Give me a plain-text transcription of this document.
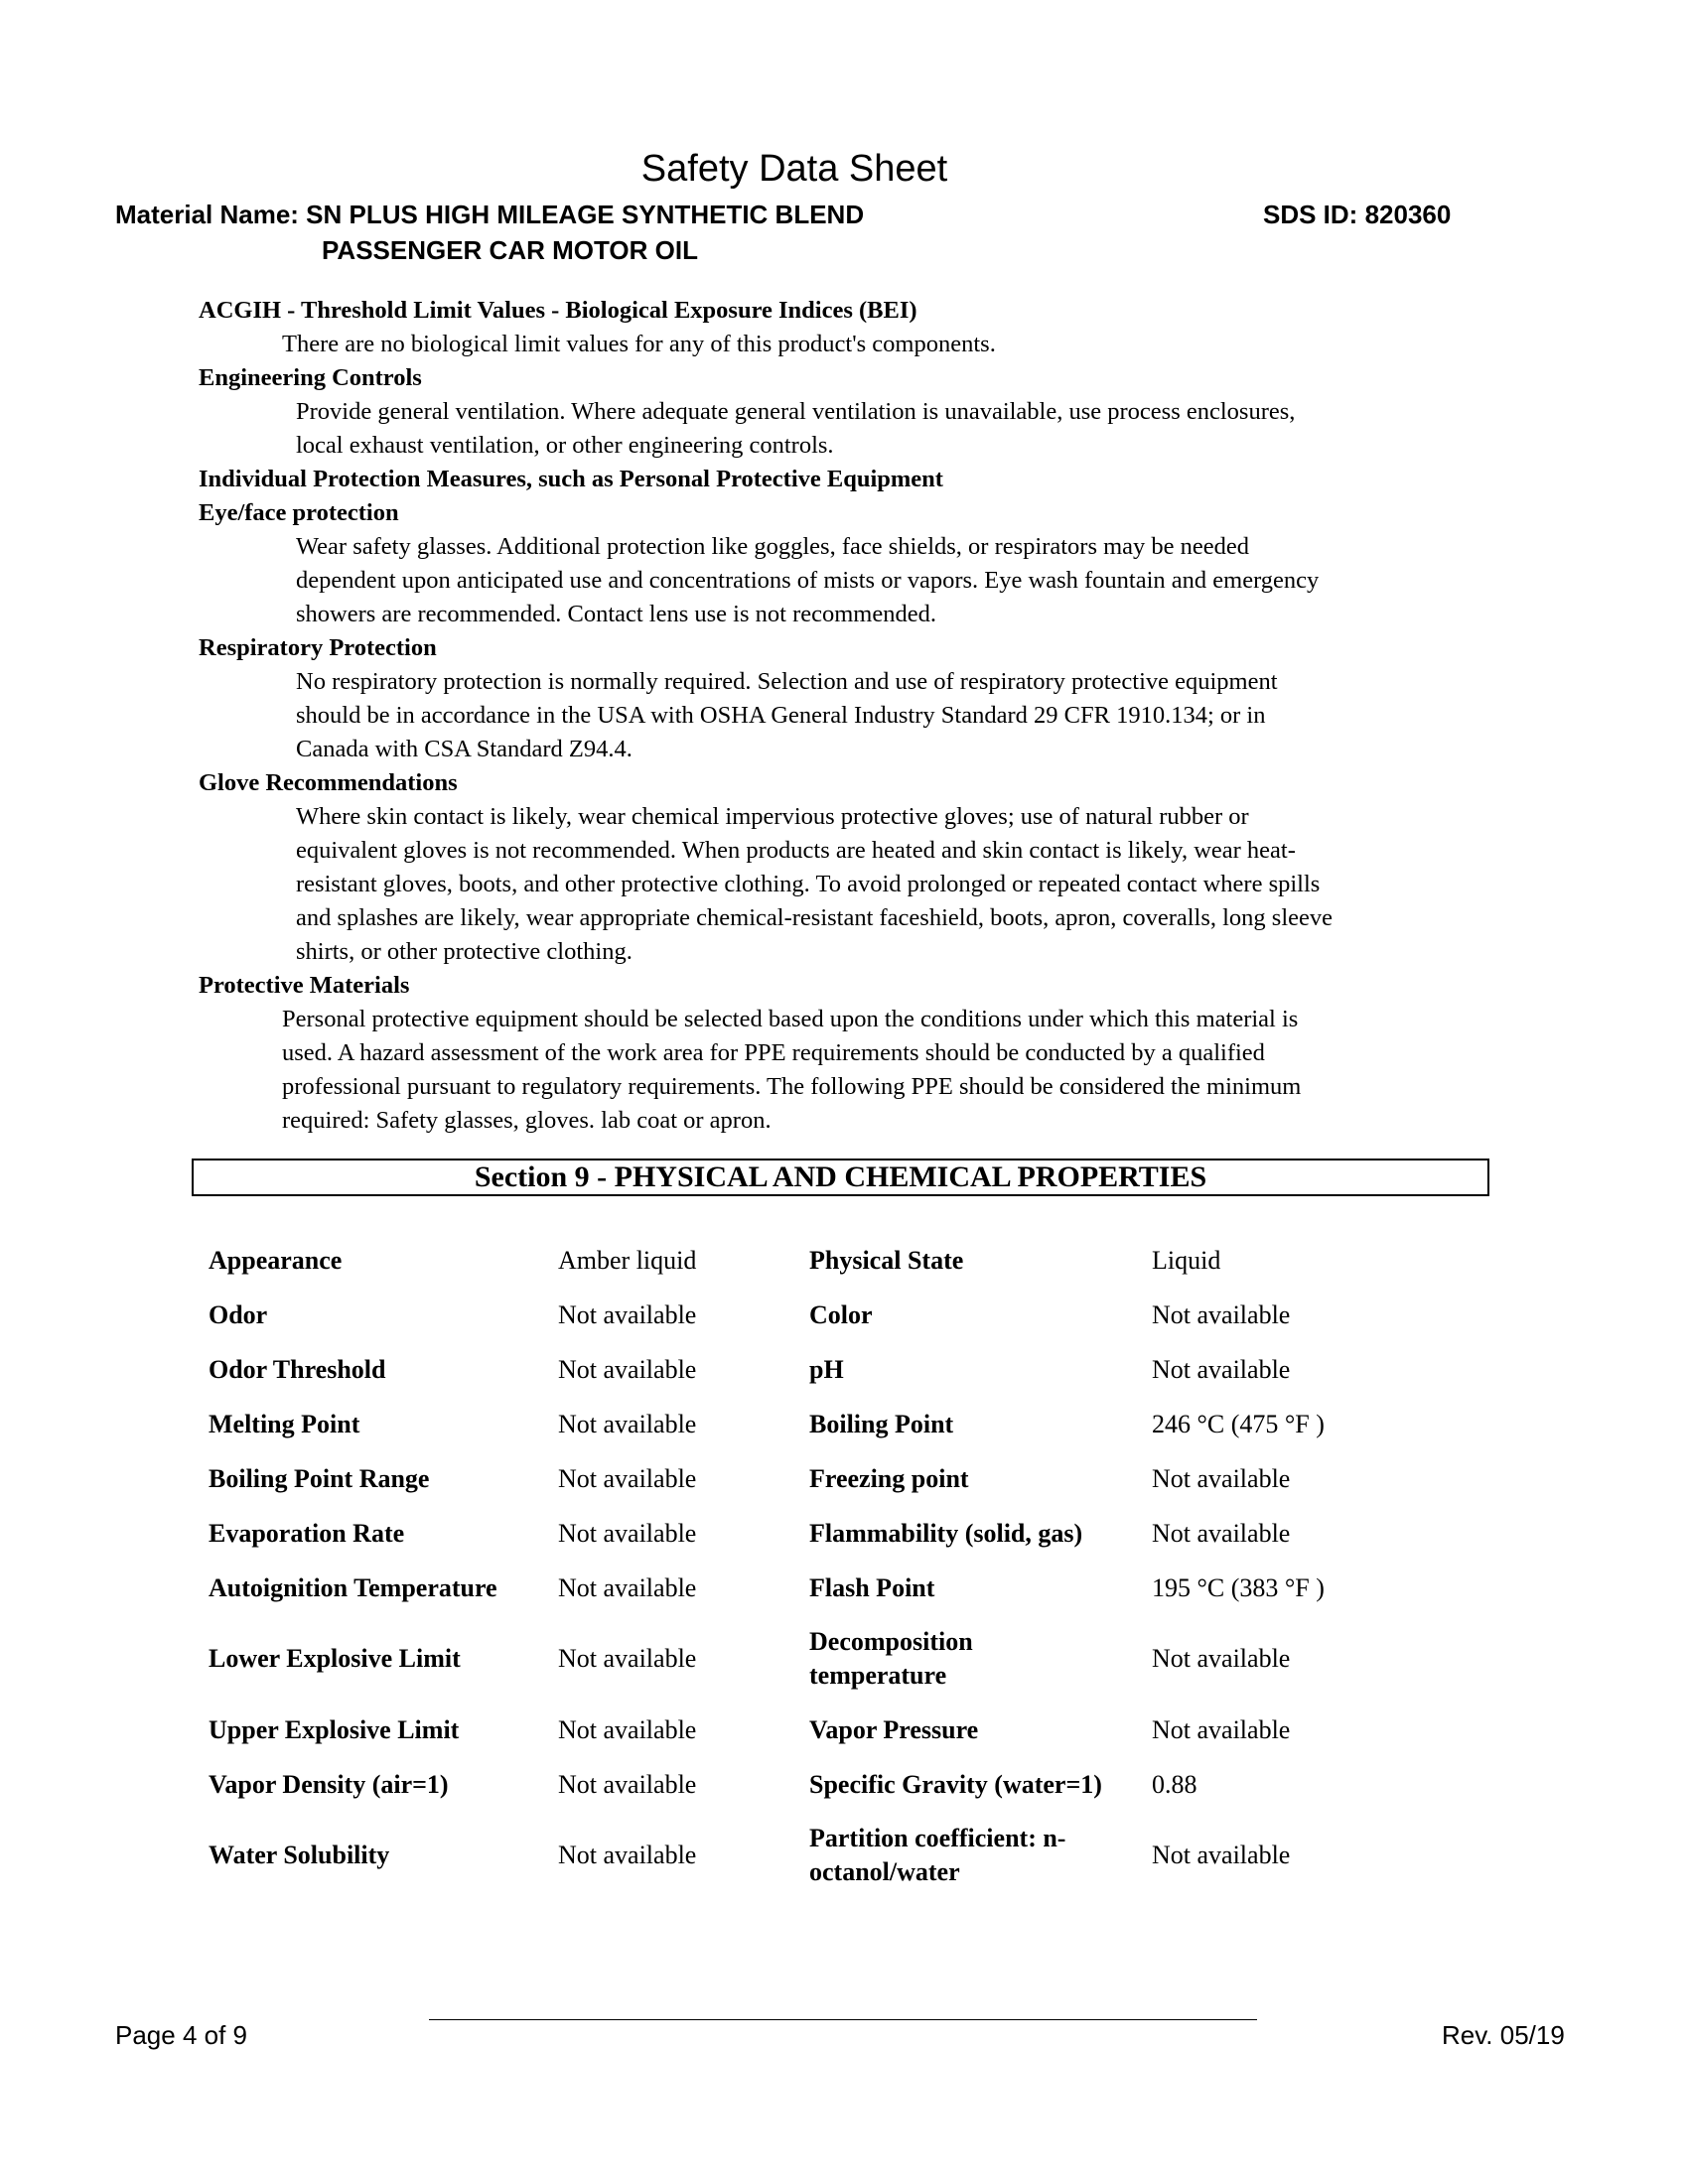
Safety Data Sheet
Material Name: SN PLUS HIGH MILEAGE SYNTHETIC BLEND
PASSENGER CAR MOTOR OIL
SDS ID: 820360
ACGIH - Threshold Limit Values - Biological Exposure Indices (BEI)
There are no biological limit values for any of this product's components.
Engineering Controls
Provide general ventilation. Where adequate general ventilation is unavailable, use process enclosures,
local exhaust ventilation, or other engineering controls.
Individual Protection Measures, such as Personal Protective Equipment
Eye/face protection
Wear safety glasses. Additional protection like goggles, face shields, or respirators may be needed
dependent upon anticipated use and concentrations of mists or vapors. Eye wash fountain and emergency
showers are recommended. Contact lens use is not recommended.
Respiratory Protection
No respiratory protection is normally required. Selection and use of respiratory protective equipment
should be in accordance in the USA with OSHA General Industry Standard 29 CFR 1910.134; or in
Canada with CSA Standard Z94.4.
Glove Recommendations
Where skin contact is likely, wear chemical impervious protective gloves; use of natural rubber or
equivalent gloves is not recommended. When products are heated and skin contact is likely, wear heat-
resistant gloves, boots, and other protective clothing. To avoid prolonged or repeated contact where spills
and splashes are likely, wear appropriate chemical-resistant faceshield, boots, apron, coveralls, long sleeve
shirts, or other protective clothing.
Protective Materials
Personal protective equipment should be selected based upon the conditions under which this material is
used. A hazard assessment of the work area for PPE requirements should be conducted by a qualified
professional pursuant to regulatory requirements. The following PPE should be considered the minimum
required: Safety glasses, gloves. lab coat or apron.
Section 9 - PHYSICAL AND CHEMICAL PROPERTIES
Appearance	Amber liquid	Physical State	Liquid
Odor	Not available	Color	Not available
Odor Threshold	Not available	pH	Not available
Melting Point	Not available	Boiling Point	246 °C (475 °F )
Boiling Point Range	Not available	Freezing point	Not available
Evaporation Rate	Not available	Flammability (solid, gas)	Not available
Autoignition Temperature	Not available	Flash Point	195 °C (383 °F )
Lower Explosive Limit	Not available	Decomposition
temperature	Not available
Upper Explosive Limit	Not available	Vapor Pressure	Not available
Vapor Density (air=1)	Not available	Specific Gravity (water=1)	0.88
Water Solubility	Not available	Partition coefficient: n-
octanol/water	Not available
Page 4 of 9	Rev. 05/19
